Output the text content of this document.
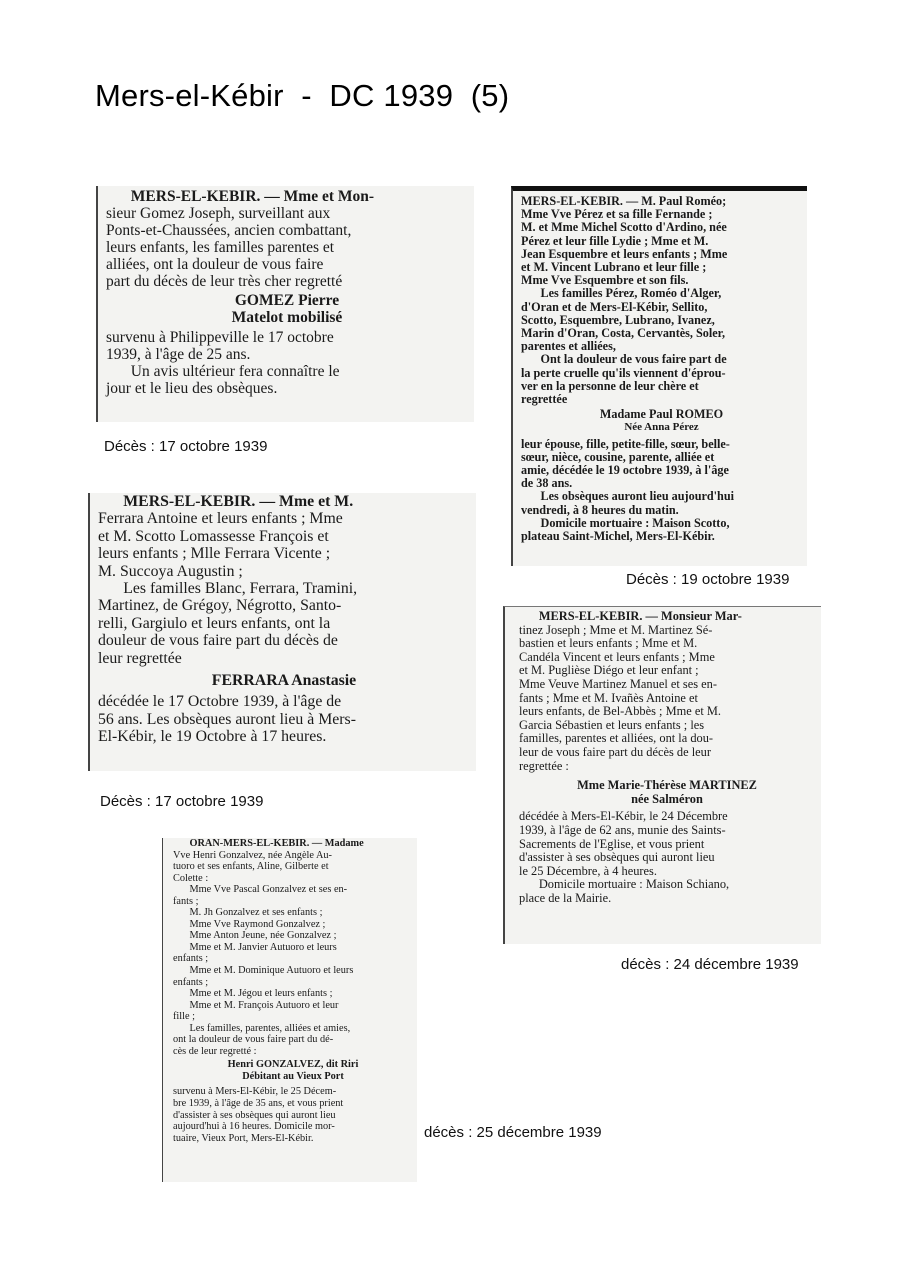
Mers-el-Kébir  -  DC 1939  (5)

MERS-EL-KEBIR. — Mme et Mon-

sieur Gomez Joseph, surveillant aux

Ponts-et-Chaussées, ancien combattant,

leurs enfants, les familles parentes et

alliées, ont la douleur de vous faire

part du décès de leur très cher regretté

GOMEZ Pierre

Matelot mobilisé

survenu à Philippeville le 17 octobre

1939, à l'âge de 25 ans.

Un avis ultérieur fera connaître le

jour et le lieu des obsèques.

Décès : 17 octobre 1939

MERS-EL-KEBIR. — Mme et M.

Ferrara Antoine et leurs enfants ; Mme

et M. Scotto Lomassesse François et

leurs enfants ; Mlle Ferrara Vicente ;

M. Succoya Augustin ;

Les familles Blanc, Ferrara, Tramini,

Martinez, de Grégoy, Négrotto, Santo-

relli, Gargiulo et leurs enfants, ont la

douleur de vous faire part du décès de

leur regrettée

FERRARA Anastasie

décédée le 17 Octobre 1939, à l'âge de

56 ans. Les obsèques auront lieu à Mers-

El-Kébir, le 19 Octobre à 17 heures.

Décès : 17 octobre 1939

MERS-EL-KEBIR. — M. Paul Roméo;

Mme Vve Pérez et sa fille Fernande ;

M. et Mme Michel Scotto d'Ardino, née

Pérez et leur fille Lydie ; Mme et M.

Jean Esquembre et leurs enfants ; Mme

et M. Vincent Lubrano et leur fille ;

Mme Vve Esquembre et son fils.

Les familles Pérez, Roméo d'Alger,

d'Oran et de Mers-El-Kébir, Sellito,

Scotto, Esquembre, Lubrano, Ivanez,

Marin d'Oran, Costa, Cervantès, Soler,

parentes et alliées,

Ont la douleur de vous faire part de

la perte cruelle qu'ils viennent d'éprou-

ver en la personne de leur chère et

regrettée

Madame Paul ROMEO

Née Anna Pérez

leur épouse, fille, petite-fille, sœur, belle-

sœur, nièce, cousine, parente, alliée et

amie, décédée le 19 octobre 1939, à l'âge

de 38 ans.

Les obsèques auront lieu aujourd'hui

vendredi, à 8 heures du matin.

Domicile mortuaire : Maison Scotto,

plateau Saint-Michel, Mers-El-Kébir.

Décès : 19 octobre 1939

MERS-EL-KEBIR. — Monsieur Mar-

tinez Joseph ; Mme et M. Martinez Sé-

bastien et leurs enfants ; Mme et M.

Candéla Vincent et leurs enfants ; Mme

et M. Puglièse Diégo et leur enfant ;

Mme Veuve Martinez Manuel et ses en-

fants ; Mme et M. Ivañès Antoine et

leurs enfants, de Bel-Abbès ; Mme et M.

Garcia Sébastien et leurs enfants ; les

familles, parentes et alliées, ont la dou-

leur de vous faire part du décès de leur

regrettée :

Mme Marie-Thérèse MARTINEZ

née Salméron

décédée à Mers-El-Kébir, le 24 Décembre

1939, à l'âge de 62 ans, munie des Saints-

Sacrements de l'Eglise, et vous prient

d'assister à ses obsèques qui auront lieu

le 25 Décembre, à 4 heures.

Domicile mortuaire : Maison Schiano,

place de la Mairie.

décès : 24 décembre 1939

ORAN-MERS-EL-KEBIR. — Madame

Vve Henri Gonzalvez, née Angèle Au-

tuoro et ses enfants, Aline, Gilberte et

Colette :

Mme Vve Pascal Gonzalvez et ses en-

fants ;

M. Jh Gonzalvez et ses enfants ;

Mme Vve Raymond Gonzalvez ;

Mme Anton Jeune, née Gonzalvez ;

Mme et M. Janvier Autuoro et leurs

enfants ;

Mme et M. Dominique Autuoro et leurs

enfants ;

Mme et M. Jégou et leurs enfants ;

Mme et M. François Autuoro et leur

fille ;

Les familles, parentes, alliées et amies,

ont la douleur de vous faire part du dé-

cès de leur regretté :

Henri GONZALVEZ, dit Riri

Débitant au Vieux Port

survenu à Mers-El-Kébir, le 25 Décem-

bre 1939, à l'âge de 35 ans, et vous prient

d'assister à ses obsèques qui auront lieu

aujourd'hui à 16 heures. Domicile mor-

tuaire, Vieux Port, Mers-El-Kébir.	décès : 25 décembre 1939
